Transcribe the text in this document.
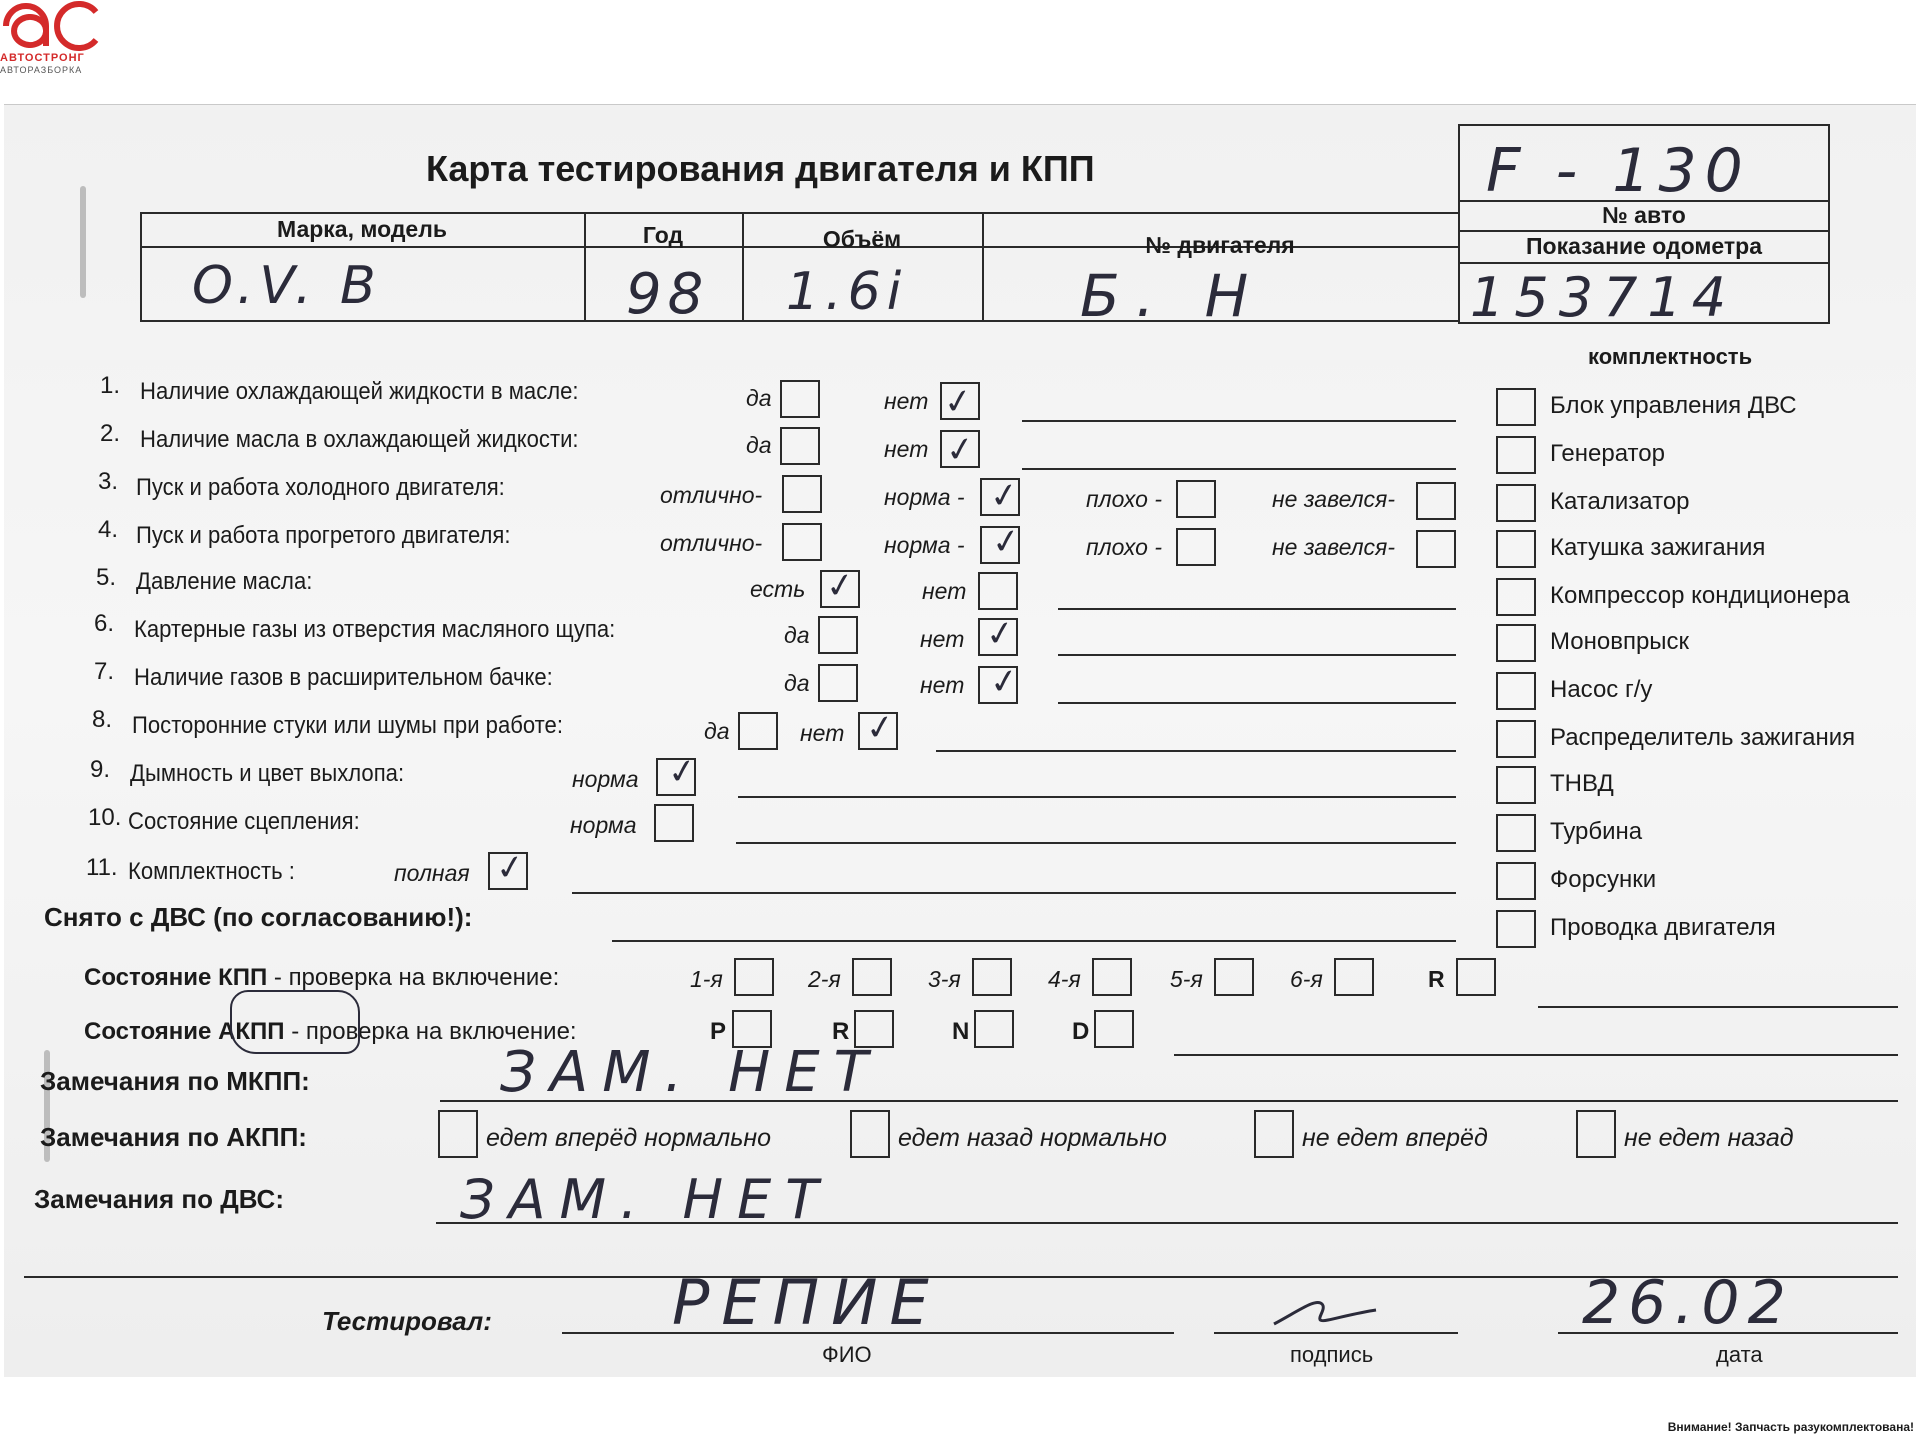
АВТОСТРОНГ
АВТОРАЗБОРКА
Карта тестирования двигателя и КПП	F - 130
№ авто
Показание одометра
153714
Марка, модель	Год	Объём	№ двигателя
O.V. B	98 1.6i	Б. Н
комплектность
1. Наличие охлаждающей жидкости в масле:	да	нет ✓
2. Наличие масла в охлаждающей жидкости:	да	нет ✓
3. Пуск и работа холодного двигателя:	отлично-	норма - ✓	плохо -	не завелся-
4. Пуск и работа прогретого двигателя:	отлично-	норма - ✓	плохо -	не завелся-
5. Давление масла:	есть ✓	нет
6. Картерные газы из отверстия масляного щупа:	да	нет ✓
7. Наличие газов в расширительном бачке:	да	нет ✓
8. Посторонние стуки или шумы при работе:	да	нет ✓
9. Дымность и цвет выхлопа:	норма ✓
10. Состояние сцепления:	норма
11. Комплектность :	полная ✓
Блок управления ДВС
Генератор
Катализатор
Катушка зажигания
Компрессор кондиционера
Моновпрыск
Насос г/у
Распределитель зажигания
ТНВД
Турбина
Форсунки
Проводка двигателя
Снято с ДВС (по согласованию!):
Состояние КПП - проверка на включение:	1-я	2-я	3-я	4-я	5-я	6-я	R
Состояние АКПП - проверка на включение:	P	R	N	D
Замечания по МКПП:	ЗАМ. НЕТ
Замечания по АКПП:	едет вперёд нормально	едет назад нормально	не едет вперёд	не едет назад
Замечания по ДВС:	ЗАМ. НЕТ
Тестировал:	РЕПИЕ	26.02
ФИО	подпись	дата
Внимание! Запчасть разукомплектована!
